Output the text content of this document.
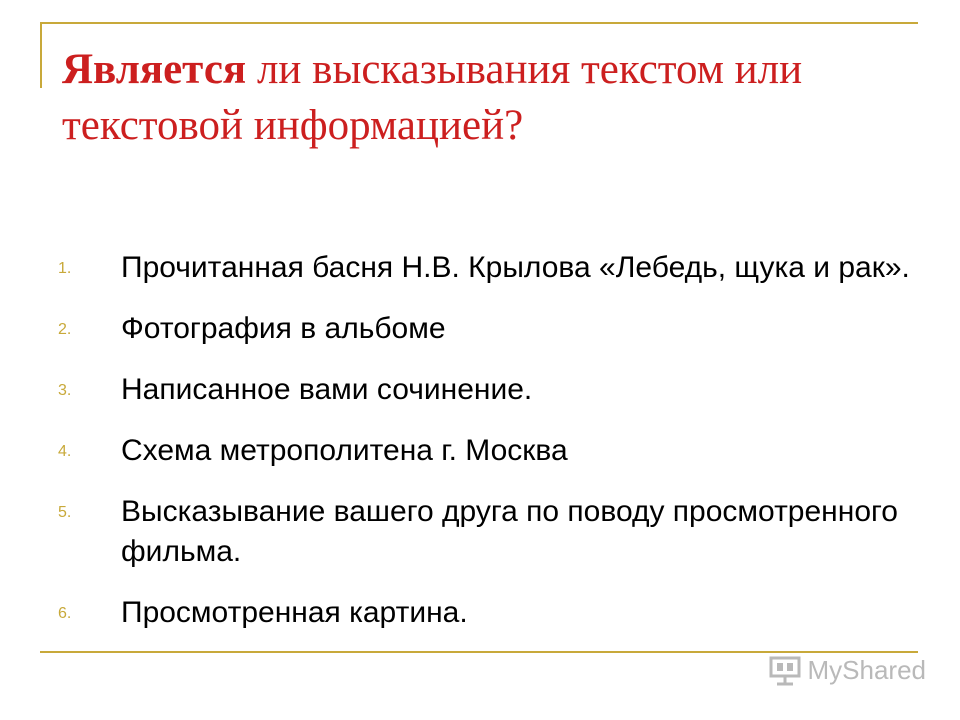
Является ли высказывания текстом или текстовой информацией?
1. Прочитанная басня Н.В. Крылова «Лебедь, щука и рак».
2. Фотография в альбоме
3. Написанное вами сочинение.
4. Схема метрополитена г. Москва
5. Высказывание вашего друга по поводу просмотренного фильма.
6. Просмотренная картина.
MyShared
